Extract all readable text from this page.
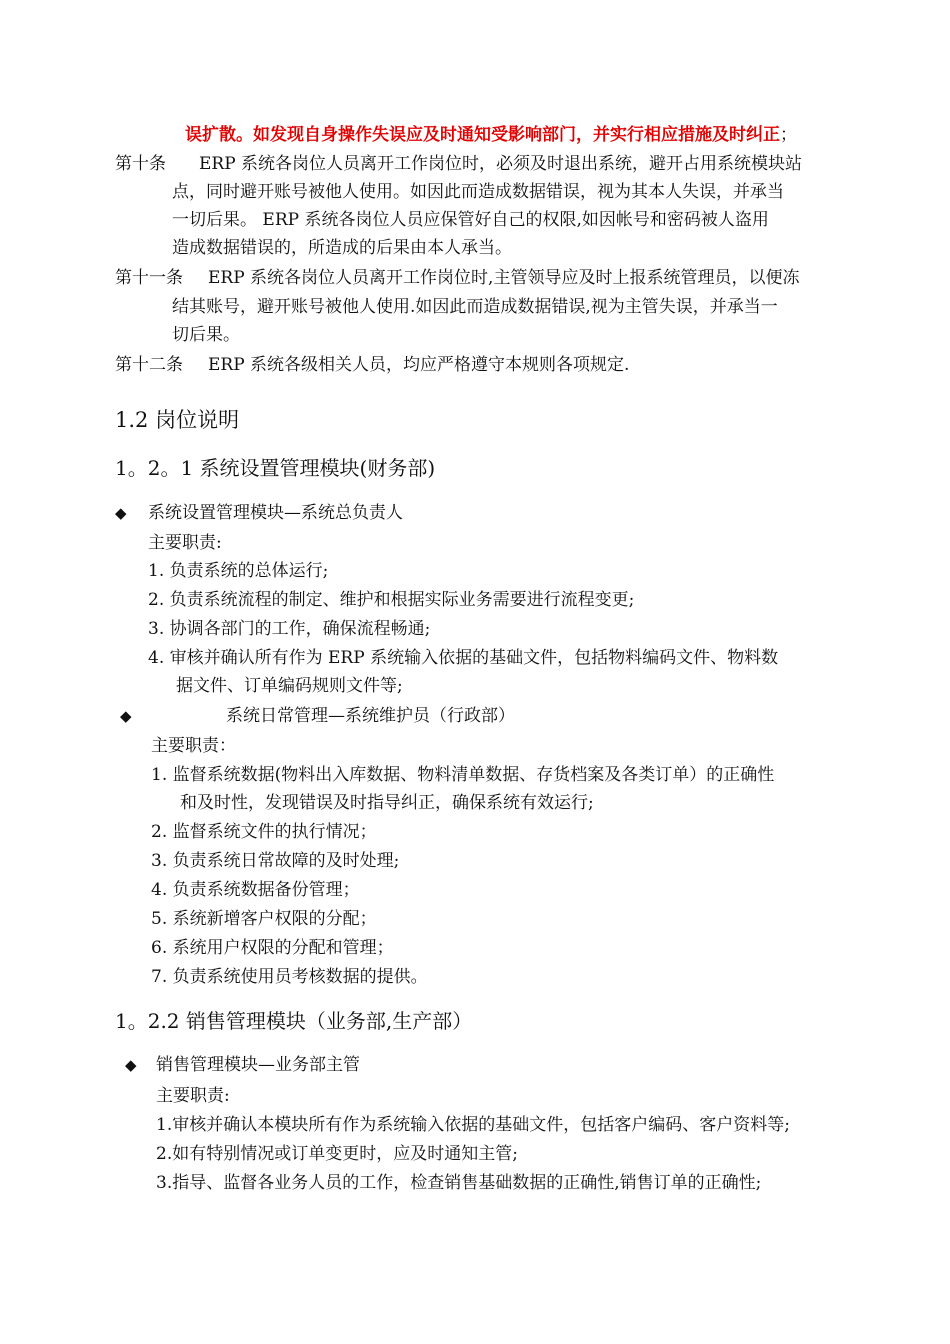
误扩散。如发现自身操作失误应及时通知受影响部门，并实行相应措施及时纠正；
第十条 ERP 系统各岗位人员离开工作岗位时，必须及时退出系统，避开占用系统模块站
点，同时避开账号被他人使用。如因此而造成数据错误，视为其本人失误，并承当
一切后果。 ERP 系统各岗位人员应保管好自己的权限,如因帐号和密码被人盗用
造成数据错误的，所造成的后果由本人承当。
第十一条 ERP 系统各岗位人员离开工作岗位时,主管领导应及时上报系统管理员，以便冻
结其账号，避开账号被他人使用.如因此而造成数据错误,视为主管失误，并承当一
切后果。
第十二条 ERP 系统各级相关人员，均应严格遵守本规则各项规定.
1.2 岗位说明
1。2。1 系统设置管理模块(财务部)
◆ 系统设置管理模块—系统总负责人
主要职责:
1. 负责系统的总体运行;
2. 负责系统流程的制定、维护和根据实际业务需要进行流程变更;
3. 协调各部门的工作，确保流程畅通;
4. 审核并确认所有作为 ERP 系统输入依据的基础文件，包括物料编码文件、物料数
据文件、订单编码规则文件等;
◆	系统日常管理—系统维护员（行政部）
主要职责：
1. 监督系统数据(物料出入库数据、物料清单数据、存货档案及各类订单）的正确性
和及时性，发现错误及时指导纠正，确保系统有效运行;
2. 监督系统文件的执行情况；
3. 负责系统日常故障的及时处理;
4. 负责系统数据备份管理；
5. 系统新增客户权限的分配；
6. 系统用户权限的分配和管理；
7. 负责系统使用员考核数据的提供。
1。2.2 销售管理模块（业务部,生产部）
◆ 销售管理模块—业务部主管
主要职责:
1.审核并确认本模块所有作为系统输入依据的基础文件，包括客户编码、客户资料等;
2.如有特别情况或订单变更时，应及时通知主管;
3.指导、监督各业务人员的工作，检查销售基础数据的正确性,销售订单的正确性;
